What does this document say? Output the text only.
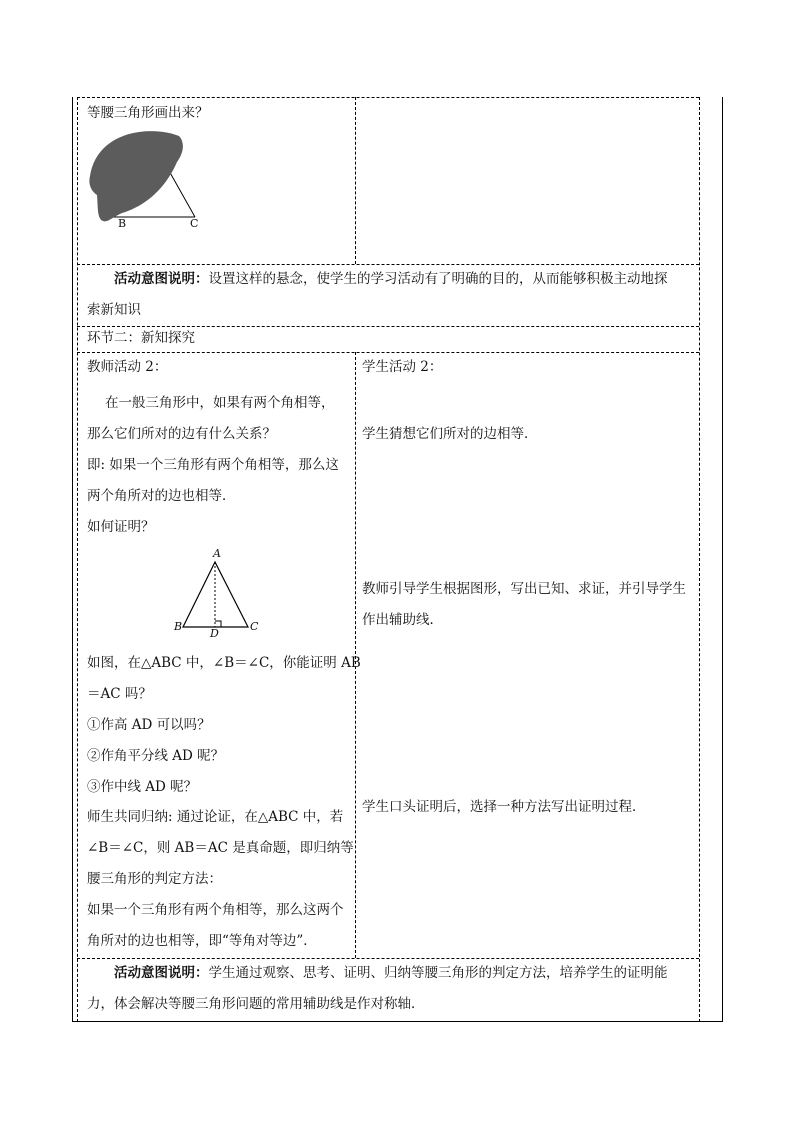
等腰三角形画出来？
B	C
活动意图说明：设置这样的悬念，使学生的学习活动有了明确的目的，从而能够积极主动地探
索新知识
环节二：新知探究
教师活动 2：
在一般三角形中，如果有两个角相等，
那么它们所对的边有什么关系？
即: 如果一个三角形有两个角相等，那么这
两个角所对的边也相等．
如何证明？
A
B	C
D
如图，在△ABC 中，∠B＝∠C，你能证明 AB
＝AC 吗？
①作高 AD 可以吗？
②作角平分线 AD 呢？
③作中线 AD 呢？
师生共同归纳: 通过论证，在△ABC 中，若
∠B＝∠C，则 AB＝AC 是真命题，即归纳等
腰三角形的判定方法：
如果一个三角形有两个角相等，那么这两个
角所对的边也相等，即“等角对等边”．
学生活动 2：
学生猜想它们所对的边相等．
教师引导学生根据图形，写出已知、求证，并引导学生
作出辅助线．
学生口头证明后，选择一种方法写出证明过程．
活动意图说明：学生通过观察、思考、证明、归纳等腰三角形的判定方法，培养学生的证明能
力，体会解决等腰三角形问题的常用辅助线是作对称轴．
